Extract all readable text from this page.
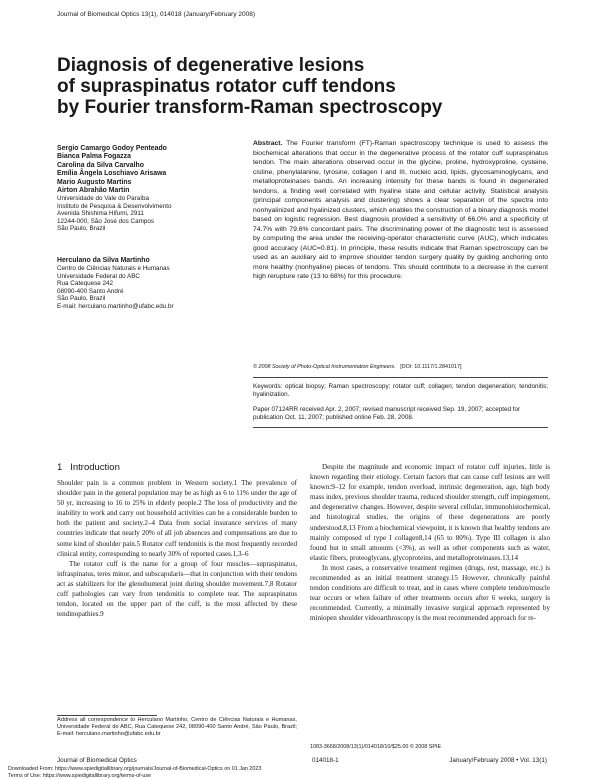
Journal of Biomedical Optics 13(1), 014018 (January/February 2008)
Diagnosis of degenerative lesions
of supraspinatus rotator cuff tendons
by Fourier transform-Raman spectroscopy
Sergio Camargo Godoy Penteado
Bianca Palma Fogazza
Carolina da Silva Carvalho
Emília Ângela Loschiavo Arisawa
Mario Augusto Martins
Airton Abrahão Martin
Universidade do Vale do Paraíba
Instituto de Pesquisa & Desenvolvimento
Avenida Shishima Hifumi, 2911
12244-000, São José dos Campos
São Paulo, Brazil
Herculano da Silva Martinho
Centro de Ciências Naturais e Humanas
Universidade Federal do ABC
Rua Catequese 242
08090-400 Santo André
São Paulo, Brazil
E-mail: herculano.martinho@ufabc.edu.br
Abstract. The Fourier transform (FT)-Raman spectroscopy technique is used to assess the biochemical alterations that occur in the degenerative process of the rotator cuff supraspinatus tendon. The main alterations observed occur in the glycine, proline, hydroxyproline, cysteine, cistine, phenylalanine, tyrosine, collagen I and III, nucleic acid, lipids, glycosaminoglycans, and metalloproteinases bands. An increasing intensity for these bands is found in degenerated tendons, a finding well correlated with hyaline state and cellular activity. Statistical analysis (principal components analysis and clustering) shows a clear separation of the spectra into nonhyalinized and hyalinized clusters, which enables the construction of a binary diagnosis model based on logistic regression. Best diagnosis provided a sensitivity of 66.0% and a specificity of 74.7% with 79.6% concordant pairs. The discriminating power of the diagnostic test is assessed by computing the area under the receiving-operator characteristic curve (AUC), which indicates good accuracy (AUC=0.81). In principle, these results indicate that Raman spectroscopy can be used as an auxiliary aid to improve shoulder tendon surgery quality by guiding anchoring onto more healthy (nonhyaline) pieces of tendons. This should contribute to a decrease in the current high rerupture rate (13 to 68%) for this procedure.
© 2008 Society of Photo-Optical Instrumentation Engineers. [DOI: 10.1117/1.2841017]
Keywords: optical biopsy; Raman spectroscopy; rotator cuff; collagen; tendon degeneration; tendonitis; hyalinization.
Paper 07124RR received Apr. 2, 2007; revised manuscript received Sep. 19, 2007; accepted for publication Oct. 11, 2007; published online Feb. 28, 2008.
1 Introduction

Shoulder pain is a common problem in Western society.1 The prevalence of shoulder pain in the general population may be as high as 6 to 11% under the age of 50 yr, increasing to 16 to 25% in elderly people.2 The loss of productivity and the inability to work and carry out household activities can be a considerable burden to both the patient and society.2–4 Data from social insurance services of many countries indicate that nearly 20% of all job absences and compensations are due to some kind of shoulder pain.5 Rotator cuff tendonitis is the most frequently recorded clinical entity, corresponding to nearly 30% of reported cases.1,3–6

The rotator cuff is the name for a group of four muscles—supraspinatus, infraspinatus, teres minor, and subscapularis—that in conjunction with their tendons act as stabilizers for the glenohumeral joint during shoulder movement.7,8 Rotator cuff pathologies can vary from tendonitis to complete tear. The supraspinatus tendon, located on the upper part of the cuff, is the most affected by these tendinopathies.9

Despite the magnitude and economic impact of rotator cuff injuries, little is known regarding their etiology. Certain factors that can cause cuff lesions are well known:9–12 for example, tendon overload, intrinsic degeneration, age, high body mass index, previous shoulder trauma, reduced shoulder strength, cuff impingement, and degenerative changes. However, despite several cellular, immunohistochemical, and histological studies, the origins of these degenerations are poorly understood.8,13 From a biochemical viewpoint, it is known that healthy tendons are mainly composed of type I collagen8,14 (65 to 80%). Type III collagen is also found but in small amounts (<3%), as well as other components such as water, elastic fibers, proteoglycans, glycoproteins, and metalloproteinases.13,14

In most cases, a conservative treatment regimen (drugs, rest, massage, etc.) is recommended as an initial treatment strategy.15 However, chronically painful tendon conditions are difficult to treat, and in cases where complete tendon/muscle tear occurs or when failure of other treatments occurs after 6 weeks, surgery is recommended. Currently, a minimally invasive surgical approach represented by miniopen shoulder videoarthroscopy is the most recommended approach for re-

Address all correspondence to Herculano Martinho, Centro de Ciências Naturais e Humanas, Universidade Federal do ABC, Rua Catequese 242, 08090-400 Santo André, São Paulo, Brazil; E-mail: herculano.martinho@ufabc.edu.br
1083-3668/2008/13(1)/014018/10/$25.00 © 2008 SPIE
Journal of Biomedical Optics	014018-1	January/February 2008 • Vol. 13(1)
Downloaded From: https://www.spiedigitallibrary.org/journals/Journal-of-Biomedical-Optics on 01 Jan 2023
Terms of Use: https://www.spiedigitallibrary.org/terms-of-use
